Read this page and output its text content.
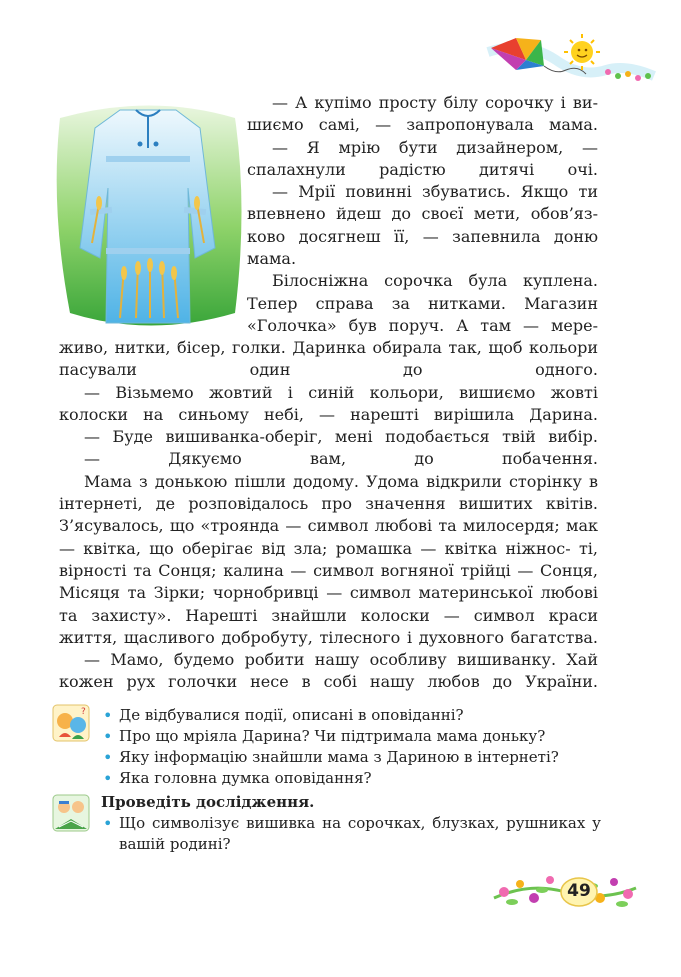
— А купімо просту білу сорочку і ви- шиємо самі, — запропонувала мама.

— Я мрію бути дизайнером, — спалахнули радістю дитячі очі.

— Мрії повинні збуватись. Якщо ти впевнено йдеш до своєї мети, обов’яз- ково досягнеш її, — запевнила доню мама.

Білосніжна сорочка була куплена. Тепер справа за нитками. Магазин «Голочка» був поруч. А там — мере-

живо, нитки, бісер, голки. Даринка обирала так, щоб кольори пасували один до одного.

— Візьмемо жовтий і синій кольори, вишиємо жовті колоски на синьому небі, — нарешті вирішила Дарина.

— Буде вишиванка-оберіг, мені подобається твій вибір.

— Дякуємо вам, до побачення.

Мама з донькою пішли додому. Удома відкрили сторінку в інтернеті, де розповідалось про значення вишитих квітів. З’ясувалось, що «троянда — символ любові та милосердя; мак — квітка, що оберігає від зла; ромашка — квітка ніжнос- ті, вірності та Сонця; калина — символ вогняної трійці — Сонця, Місяця та Зірки; чорнобривці — символ материнської любові та захисту». Нарешті знайшли колоски — символ краси життя, щасливого добробуту, тілесного і духовного багатства.

— Мамо, будемо робити нашу особливу вишиванку. Хай кожен рух голочки несе в собі нашу любов до України.

?
•	Де відбувалися події, описані в оповіданні?
• Про що мріяла Дарина? Чи підтримала мама доньку?
• Яку інформацію знайшли мама з Дариною в інтернеті?
• Яка головна думка оповідання?
Проведіть дослідження.
• Що символізує вишивка на сорочках, блузках, рушниках у вашій родині?
49
